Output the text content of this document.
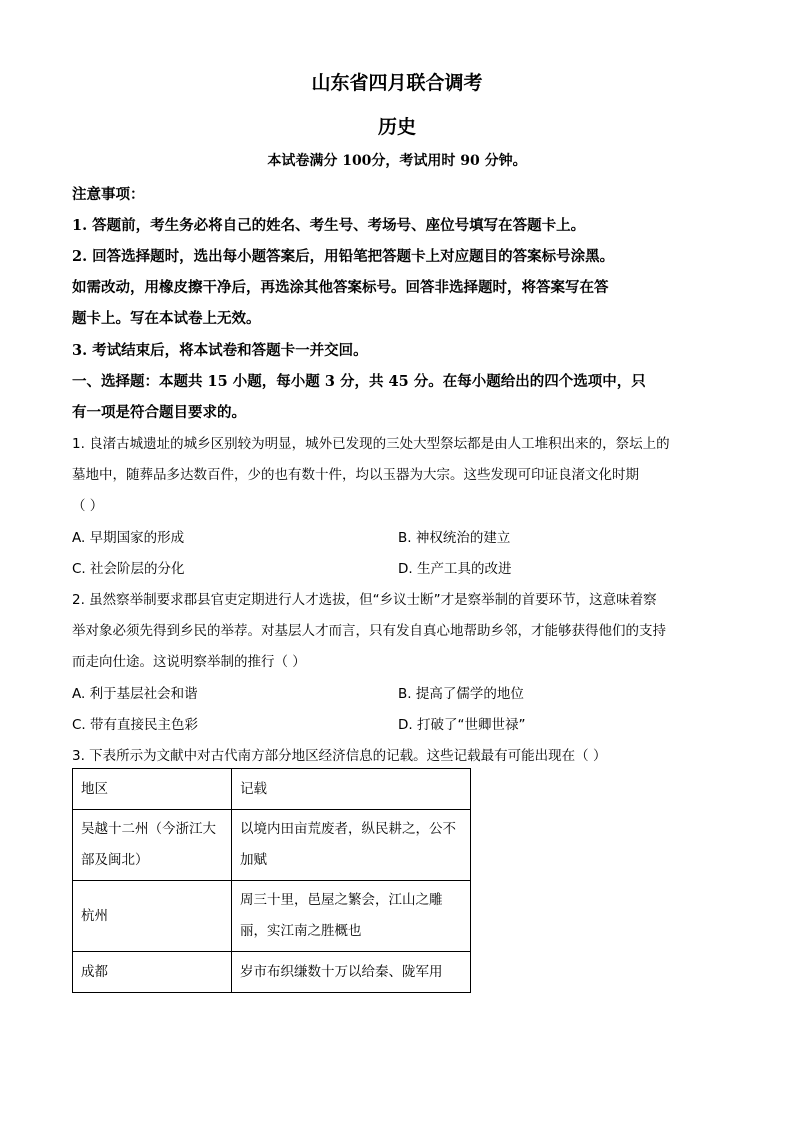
山东省四月联合调考
历史
本试卷满分 100分，考试用时 90 分钟。
注意事项：
1. 答题前，考生务必将自己的姓名、考生号、考场号、座位号填写在答题卡上。
2. 回答选择题时，选出每小题答案后，用铅笔把答题卡上对应题目的答案标号涂黑。
如需改动，用橡皮擦干净后，再选涂其他答案标号。回答非选择题时，将答案写在答
题卡上。写在本试卷上无效。
3. 考试结束后，将本试卷和答题卡一并交回。
一、选择题：本题共 15 小题，每小题 3 分，共 45 分。在每小题给出的四个选项中，只
有一项是符合题目要求的。
1. 良渚古城遗址的城乡区别较为明显，城外已发现的三处大型祭坛都是由人工堆积出来的，祭坛上的
墓地中，随葬品多达数百件，少的也有数十件，均以玉器为大宗。这些发现可印证良渚文化时期
（ ）
A. 早期国家的形成	B. 神权统治的建立
C. 社会阶层的分化	D. 生产工具的改进
2. 虽然察举制要求郡县官吏定期进行人才选拔，但“乡议士断”才是察举制的首要环节，这意味着察
举对象必须先得到乡民的举荐。对基层人才而言，只有发自真心地帮助乡邻，才能够获得他们的支持
而走向仕途。这说明察举制的推行（ ）
A. 利于基层社会和谐	B. 提高了儒学的地位
C. 带有直接民主色彩	D. 打破了“世卿世禄”
3. 下表所示为文献中对古代南方部分地区经济信息的记载。这些记载最有可能出现在（ ）
地区	记载
吴越十二州（今浙江大部及闽北）	以境内田亩荒废者，纵民耕之，公不加赋
杭州	周三十里，邑屋之繁会，江山之雕丽，实江南之胜概也
成都	岁市布织缣数十万以给秦、陇军用
